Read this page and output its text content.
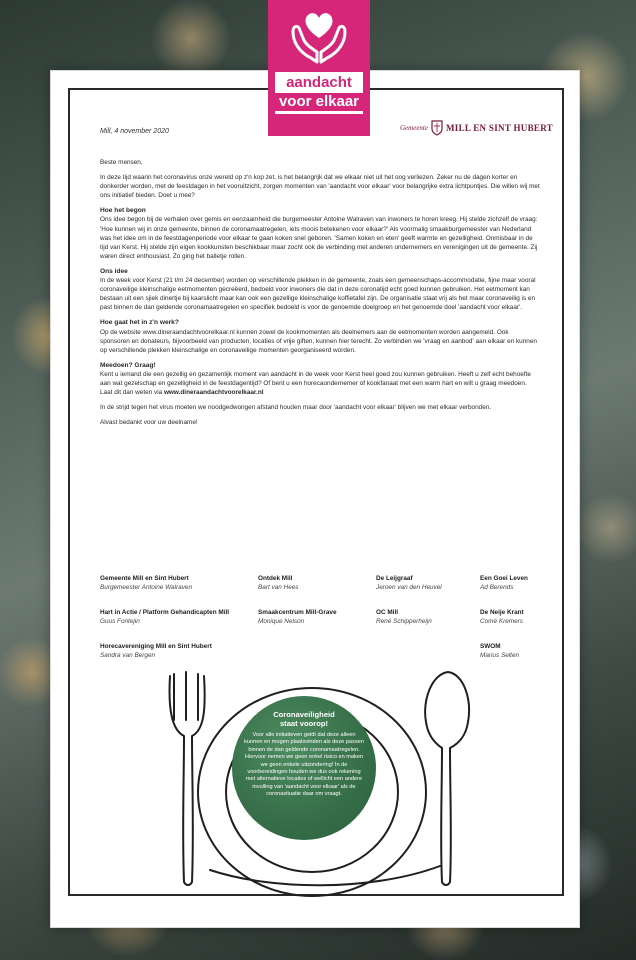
aandacht
voor elkaar
Mill, 4 november 2020	Gemeente MILL EN SINT HUBERT

Beste mensen,

In deze tijd waarin het coronavirus onze wereld op z'n kop zet, is het belangrijk dat we elkaar niet uit het oog verliezen. Zeker nu de dagen korter en donkerder worden, met de feestdagen in het vooruitzicht, zorgen momenten van 'aandacht voor elkaar' voor belangrijke extra lichtpuntjes. Die willen wij met ons initiatief bieden. Doet u mee?

Hoe het begon

Ons idee begon bij de verhalen over gemis en eenzaamheid die burgemeester Antoine Walraven van inwoners te horen kreeg. Hij stelde zichzelf de vraag: 'Hoe kunnen wij in onze gemeente, binnen de coronamaatregelen, iets moois betekenen voor elkaar?' Als voormalig smaakburgemeester van Nederland was het idee om in de feestdagenperiode voor elkaar te gaan koken snel geboren. 'Samen koken en eten' geeft warmte en gezelligheid. Onmisbaar in de tijd van Kerst. Hij stelde zijn eigen kookkunsten beschikbaar maar zocht ook de verbinding met anderen ondernemers en verenigingen uit de gemeente. Zij waren direct enthousiast. Zo ging het balletje rollen.

Ons idee

In de week voor Kerst (21 t/m 24 december) worden op verschillende plekken in de gemeente, zoals een gemeenschaps-accommodatie, fijne maar vooral coronaveilige kleinschalige eetmomenten gecreëerd, bedoeld voor inwoners die dat in deze coronatijd echt goed kunnen gebruiken. Het eetmoment kan bestaan uit een sjiek dinertje bij kaarslicht maar kan ook een gezellige kleinschalige koffietafel zijn. De organisatie staat vrij als het maar coronaveilig is en past binnen de dan geldende coronamaatregelen en specifiek bedoeld is voor de genoemde doelgroep en het genoemde doel 'aandacht voor elkaar'.

Hoe gaat het in z'n werk?

Op de website www.dineraandachtvoorelkaar.nl kunnen zowel de kookmomenten als deelnemers aan de eetmomenten worden aangemeld. Ook sponsoren en donateurs, bijvoorbeeld van producten, locaties of vrije giften, kunnen hier terecht. Zo verbinden we 'vraag en aanbod' aan elkaar en kunnen op verschillende plekken kleinschalige en coronaveilige momenten georganiseerd worden.

Meedoen? Graag!

Kent u iemand die een gezellig en gezamenlijk moment van aandacht in de week voor Kerst heel goed zou kunnen gebruiken. Heeft u zelf echt behoefte aan wat gezelschap en gezelligheid in de feestdagentijd? Of bent u een horecaondernemer of kookfanaat met een warm hart en wilt u graag meedoen. Laat dit dan weten via www.dineraandachtvoorelkaar.nl

In de strijd tegen het virus moeten we noodgedwongen afstand houden maar door 'aandacht voor elkaar' blijven we met elkaar verbonden.

Alvast bedankt voor uw deelname!

Gemeente Mill en Sint Hubert
Burgemeester Antoine Walraven
Ontdek Mill
Bart van Hees
De Leijgraaf
Jeroen van den Heuvel
Een Goei Leven
Ad Berends
Hart in Actie / Platform Gehandicapten Mill
Guus Fontejin
Smaakcentrum Mill-Grave
Monique Nelson
OC Mill
René Schipperheijn
De Neije Krant
Comé Kremers
Horecavereniging Mill en Sint Hubert
Sandra van Bergen
SWOM
Marius Selten
Coronaveiligheid
staat voorop!
Voor alle initiatieven geldt dat deze alleen kunnen en mogen plaatsvinden als deze passen binnen de dan geldende coronamaatregelen. Hiervoor nemen we geen enkel risico en maken we geen enkele uitzondering! In de voorbereidingen houden we dus ook rekening met alternatieve locaties of wellicht een andere invulling van 'aandacht voor elkaar' als de coronasituatie daar om vraagt.
